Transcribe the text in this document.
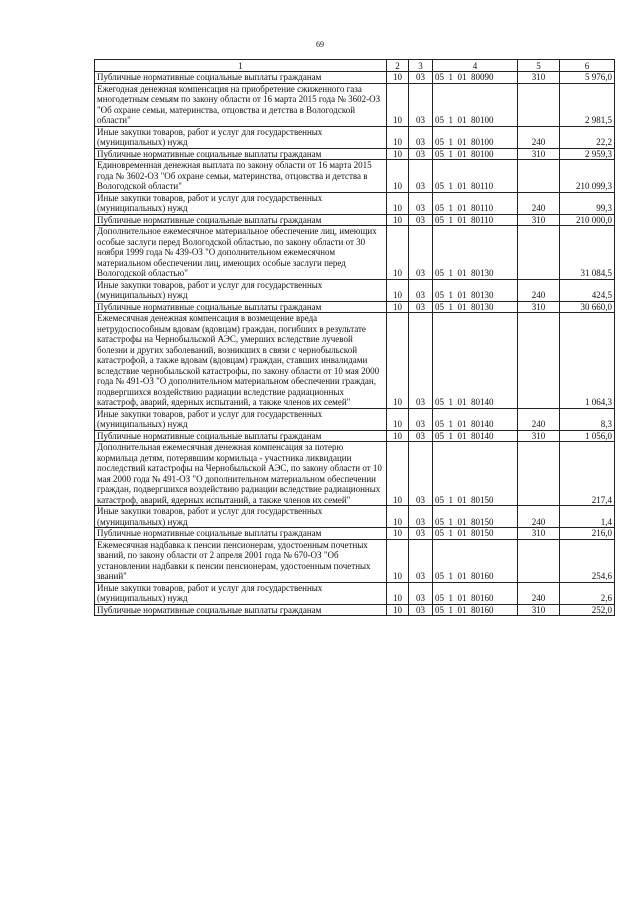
69
1	2	3	4	5	6
Публичные нормативные социальные выплаты гражданам	10	03	05  1  01  80090	310	5 976,0
Ежегодная денежная компенсация на приобретение сжиженного газа многодетным семьям по закону области от 16 марта 2015 года № 3602-ОЗ "Об охране семьи, материнства, отцовства и детства в Вологодской области"	10	03	05  1  01  80100		2 981,5
Иные закупки товаров, работ и услуг для государственных (муниципальных) нужд	10	03	05  1  01  80100	240	22,2
Публичные нормативные социальные выплаты гражданам	10	03	05  1  01  80100	310	2 959,3
Единовременная денежная выплата по закону области от 16 марта 2015 года № 3602-ОЗ "Об охране семьи, материнства, отцовства и детства в Вологодской области"	10	03	05  1  01  80110		210 099,3
Иные закупки товаров, работ и услуг для государственных (муниципальных) нужд	10	03	05  1  01  80110	240	99,3
Публичные нормативные социальные выплаты гражданам	10	03	05  1  01  80110	310	210 000,0
Дополнительное ежемесячное материальное обеспечение лиц, имеющих особые заслуги перед Вологодской областью, по закону области от 30 ноября 1999 года № 439-ОЗ "О дополнительном ежемесячном материальном обеспечении лиц, имеющих особые заслуги перед Вологодской областью"	10	03	05  1  01  80130		31 084,5
Иные закупки товаров, работ и услуг для государственных (муниципальных) нужд	10	03	05  1  01  80130	240	424,5
Публичные нормативные социальные выплаты гражданам	10	03	05  1  01  80130	310	30 660,0
Ежемесячная денежная компенсация в возмещение вреда нетрудоспособным вдовам (вдовцам) граждан, погибших в результате катастрофы на Чернобыльской АЭС, умерших вследствие лучевой болезни и других заболеваний, возникших в связи с чернобыльской катастрофой, а также вдовам (вдовцам) граждан, ставших инвалидами вследствие чернобыльской катастрофы, по закону области от 10 мая 2000 года № 491-ОЗ "О дополнительном материальном обеспечении граждан, подвергшихся воздействию радиации вследствие радиационных катастроф, аварий, ядерных испытаний, а также членов их семей"	10	03	05  1  01  80140		1 064,3
Иные закупки товаров, работ и услуг для государственных (муниципальных) нужд	10	03	05  1  01  80140	240	8,3
Публичные нормативные социальные выплаты гражданам	10	03	05  1  01  80140	310	1 056,0
Дополнительная ежемесячная денежная компенсация за потерю кормильца детям, потерявшим кормильца - участника ликвидации последствий катастрофы на Чернобыльской АЭС, по закону области от 10 мая 2000 года № 491-ОЗ "О дополнительном материальном обеспечении граждан, подвергшихся воздействию радиации вследствие радиационных катастроф, аварий, ядерных испытаний, а также членов их семей"	10	03	05  1  01  80150		217,4
Иные закупки товаров, работ и услуг для государственных (муниципальных) нужд	10	03	05  1  01  80150	240	1,4
Публичные нормативные социальные выплаты гражданам	10	03	05  1  01  80150	310	216,0
Ежемесячная надбавка к пенсии пенсионерам, удостоенным почетных званий, по закону области от 2 апреля 2001 года № 670-ОЗ "Об установлении надбавки к пенсии пенсионерам, удостоенным почетных званий"	10	03	05  1  01  80160		254,6
Иные закупки товаров, работ и услуг для государственных (муниципальных) нужд	10	03	05  1  01  80160	240	2,6
Публичные нормативные социальные выплаты гражданам	10	03	05  1  01  80160	310	252,0
